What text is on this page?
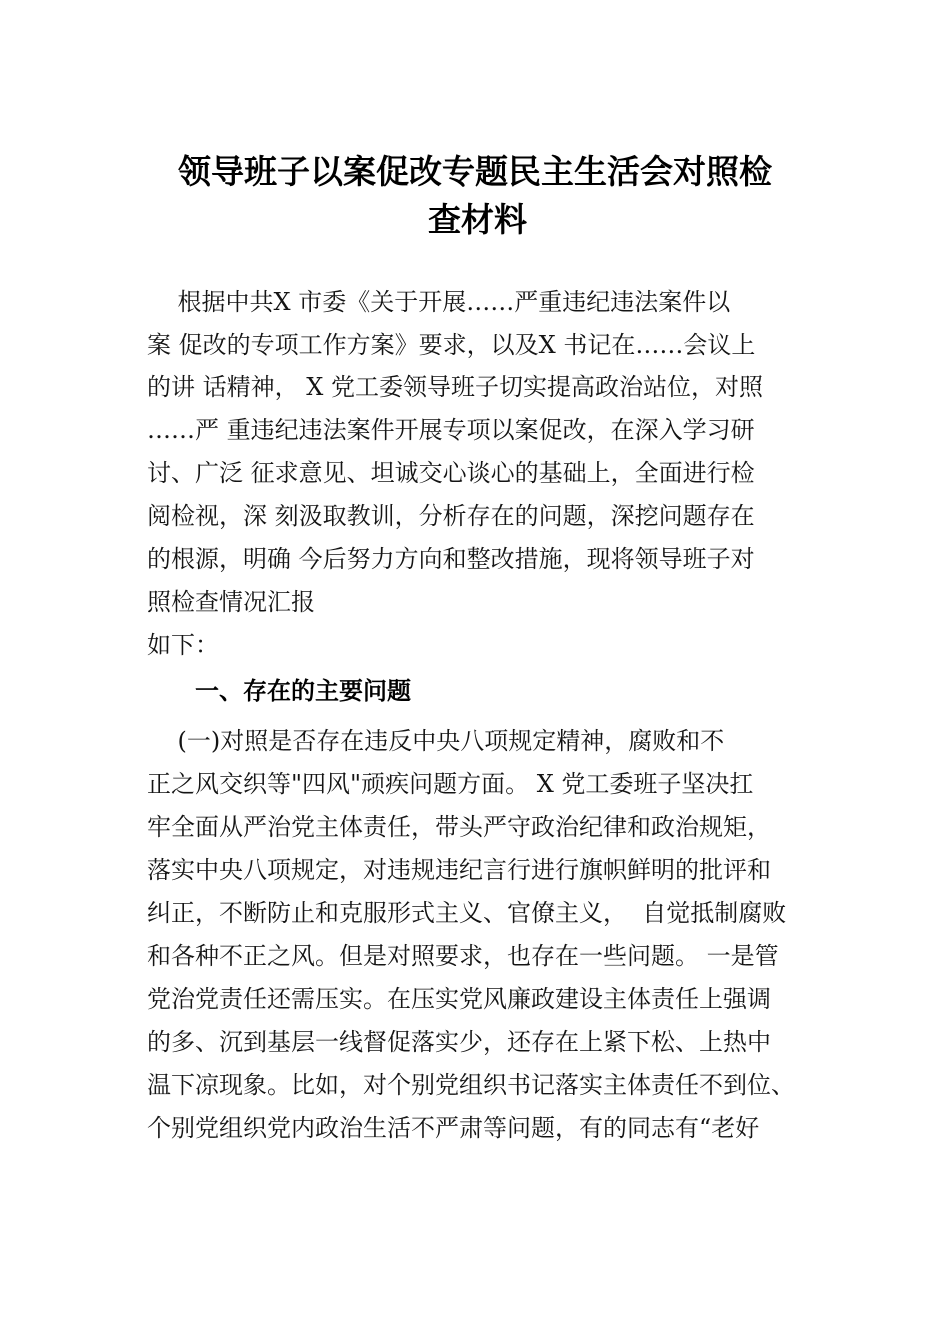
领导班子以案促改专题民主生活会对照检
查材料
根据中共X 市委《关于开展……严重违纪违法案件以
案 促改的专项工作方案》要求，以及X 书记在……会议上
的讲 话精神， X 党工委领导班子切实提高政治站位，对照
……严 重违纪违法案件开展专项以案促改，在深入学习研
讨、广泛 征求意见、坦诚交心谈心的基础上，全面进行检
阅检视，深 刻汲取教训，分析存在的问题，深挖问题存在
的根源，明确 今后努力方向和整改措施，现将领导班子对
照检查情况汇报
如下：
一、存在的主要问题
(一)对照是否存在违反中央八项规定精神，腐败和不
正之风交织等"四风"顽疾问题方面。 X 党工委班子坚决扛
牢全面从严治党主体责任，带头严守政治纪律和政治规矩，
落实中央八项规定，对违规违纪言行进行旗帜鲜明的批评和
纠正，不断防止和克服形式主义、官僚主义，  自觉抵制腐败
和各种不正之风。但是对照要求，也存在一些问题。 一是管
党治党责任还需压实。在压实党风廉政建设主体责任上强调
的多、沉到基层一线督促落实少，还存在上紧下松、上热中
温下凉现象。比如，对个别党组织书记落实主体责任不到位、
个别党组织党内政治生活不严肃等问题，有的同志有“老好
